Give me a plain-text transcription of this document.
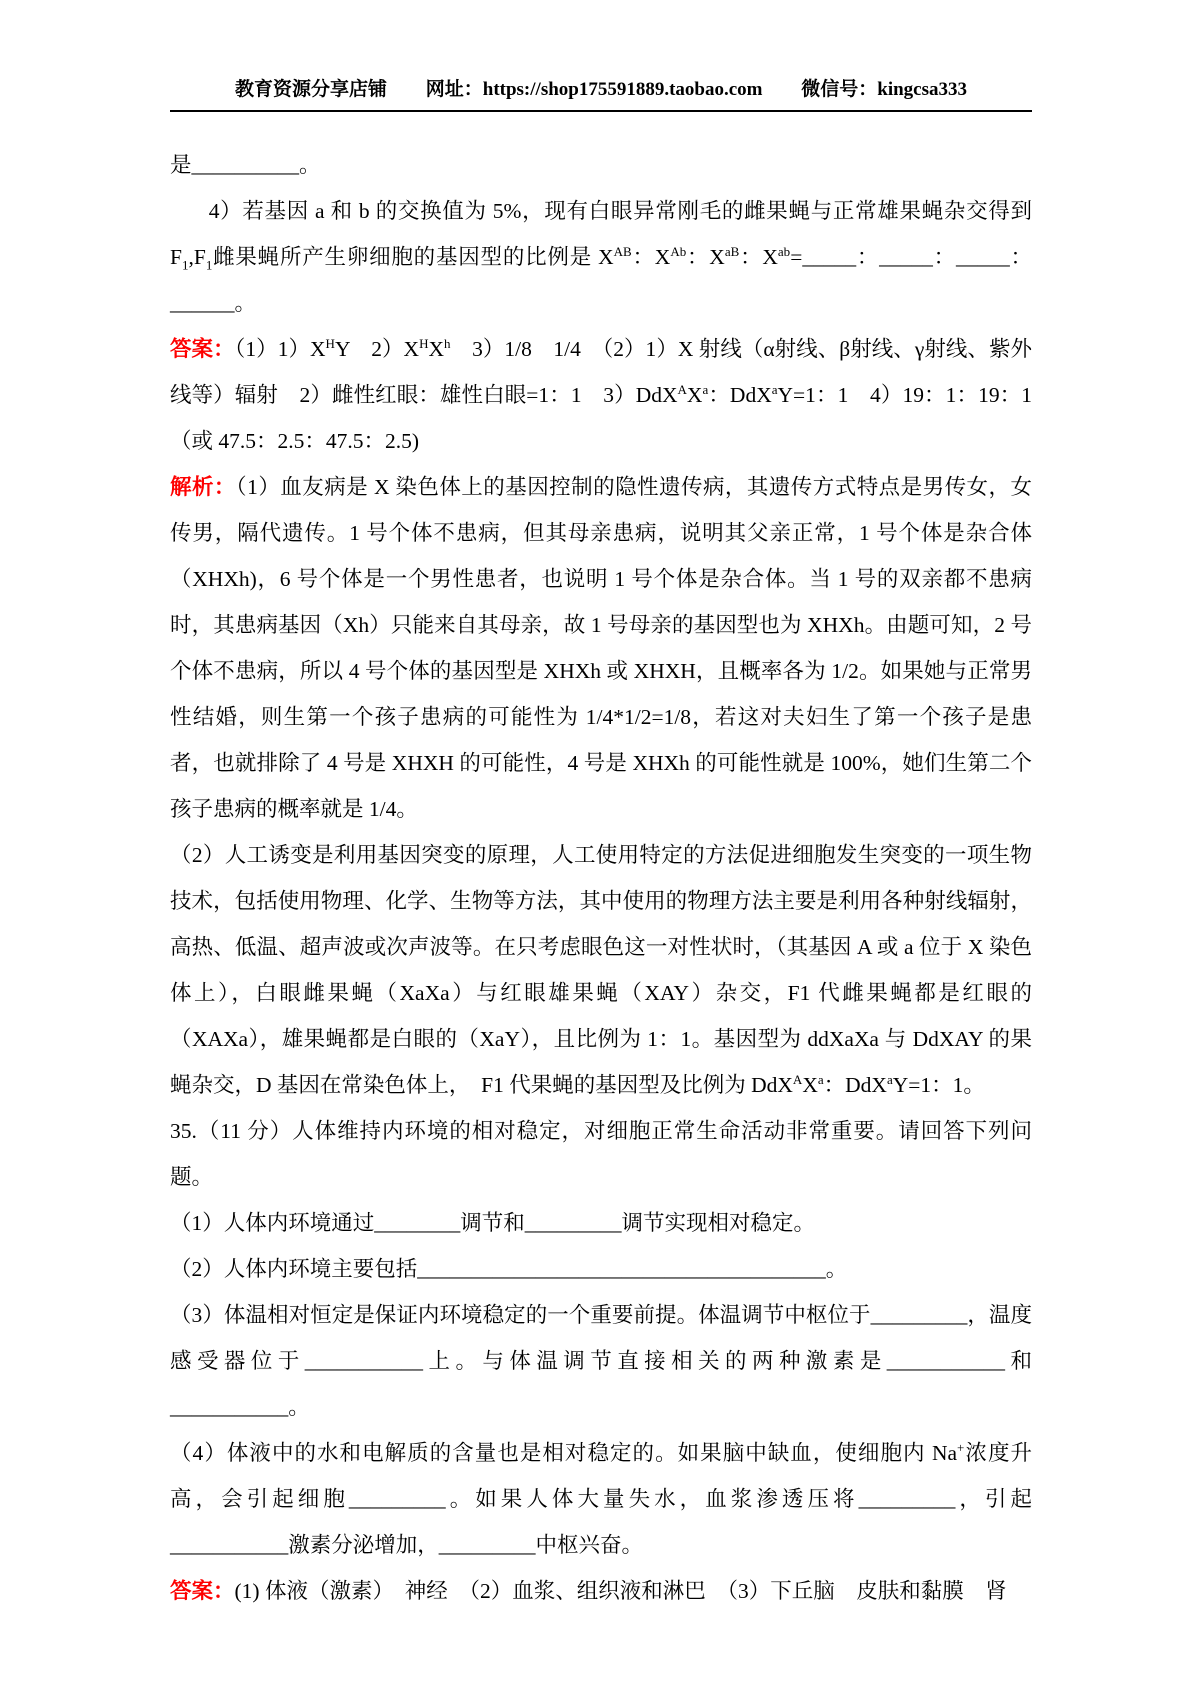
教育资源分享店铺 网址：https://shop175591889.taobao.com 微信号：kingcsa333

是__________。

4）若基因 a 和 b 的交换值为 5%，现有白眼异常刚毛的雌果蝇与正常雄果蝇杂交得到 $F_1,F_1$雌果蝇所产生卵细胞的基因型的比例是 $X^{AB}$：$X^{Ab}$：$X^{aB}$：$X^{ab}=\_\_\_\_\_$：_____：_____：______。

答案：$(1)1)X^HY$　$2)X^HX^h$　3）1/8　1/4　（2）1）X 射线（α射线、β射线、γ射线、紫外线等）辐射　2）雌性红眼：雄性白眼=1：1　$3)DdX^AX^a$：DdX$^a$Y=1：1　4）19：1：19：1（或 47.5：2.5：47.5：2.5)

解析：（1）血友病是 X 染色体上的基因控制的隐性遗传病，其遗传方式特点是男传女，女传男，隔代遗传。1 号个体不患病，但其母亲患病，说明其父亲正常，1 号个体是杂合体（XHXh)，6 号个体是一个男性患者，也说明 1 号个体是杂合体。当 1 号的双亲都不患病时，其患病基因（Xh）只能来自其母亲，故 1 号母亲的基因型也为 XHXh。由题可知，2 号个体不患病，所以 4 号个体的基因型是 XHXh 或 XHXH，且概率各为 1/2。如果她与正常男性结婚，则生第一个孩子患病的可能性为 1/4*1/2=1/8，若这对夫妇生了第一个孩子是患者，也就排除了 4 号是 XHXH 的可能性，4 号是 XHXh 的可能性就是 100%，她们生第二个孩子患病的概率就是 1/4。

（2）人工诱变是利用基因突变的原理，人工使用特定的方法促进细胞发生突变的一项生物技术，包括使用物理、化学、生物等方法，其中使用的物理方法主要是利用各种射线辐射，高热、低温、超声波或次声波等。在只考虑眼色这一对性状时，（其基因 A 或 a 位于 X 染色体上），白眼雌果蝇（XaXa）与红眼雄果蝇（XAY）杂交，F1 代雌果蝇都是红眼的（XAXa），雄果蝇都是白眼的（XaY），且比例为 1：1。基因型为 ddXaXa 与 DdXAY 的果蝇杂交，D 基因在常染色体上，　F1 代果蝇的基因型及比例为 $DdX^AX^a$：DdX$^a$Y=1：1。

35.（11 分）人体维持内环境的相对稳定，对细胞正常生命活动非常重要。请回答下列问题。

（1）人体内环境通过________调节和_________调节实现相对稳定。

（2）人体内环境主要包括______________________________________。

（3）体温相对恒定是保证内环境稳定的一个重要前提。体温调节中枢位于_________，温度感受器位于___________上。与体温调节直接相关的两种激素是___________和___________。

（4）体液中的水和电解质的含量也是相对稳定的。如果脑中缺血，使细胞内 Na+浓度升高，会引起细胞_________。如果人体大量失水，血浆渗透压将_________，引起___________激素分泌增加，_________中枢兴奋。

答案：(1) 体液（激素）　神经　（2）血浆、组织液和淋巴　（3）下丘脑　皮肤和黏膜　肾
